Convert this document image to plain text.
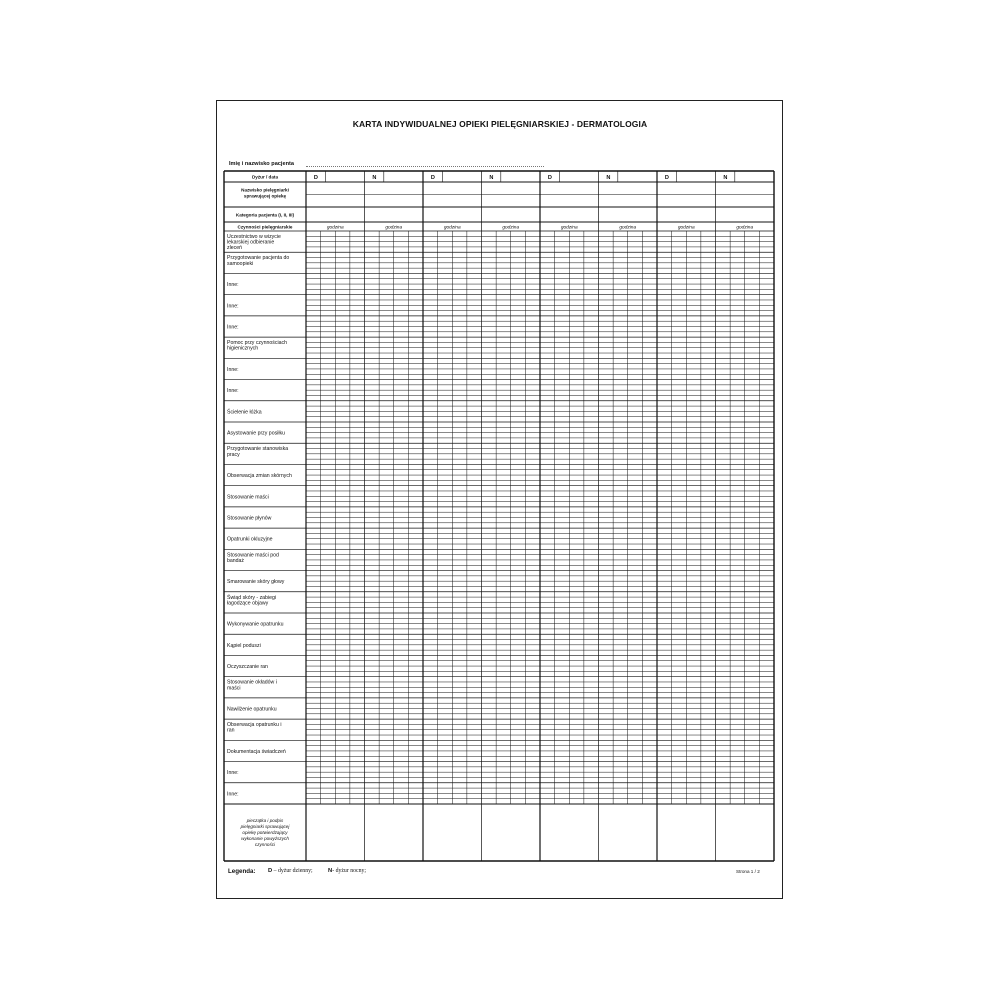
KARTA INDYWIDUALNEJ OPIEKI PIELĘGNIARSKIEJ - DERMATOLOGIA
Imię i nazwisko pacjenta
Dyżur / data
Nazwisko pielęgniarki
sprawującej opiekę
Kategoria pacjenta (I, II, III)
Czynności pielęgniarskie
D
godzina
N
godzina
D
godzina
N
godzina
D
godzina
N
godzina
D
godzina
N
godzina
Uczestnictwo w wizycie
lekarskiej odbieranie
zleceń
Przygotowanie pacjenta do
samoopieki
Inne:
Inne:
Inne:
Pomoc przy czynnościach
higienicznych
Inne:
Inne:
Ścielenie łóżka
Asystowanie przy posiłku
Przygotowanie stanowiska
pracy
Obserwacja zmian skórnych
Stosowanie maści
Stosowanie płynów
Opatrunki okluzyjne
Stosowanie maści pod
bandaż
Smarowanie skóry głowy
Świąd skóry - zabiegi
łagodzące objawy
Wykonywanie opatrunku
Kąpiel poduszi
Oczyszczanie ran
Stosowanie okładów i
maści
Nawilżenie opatrunku
Obserwacja opatrunku i
ran
Dokumentacja świadczeń
Inne:
Inne:
pieczątka i podpis
pielęgniarki sprawującej
opiekę potwierdzający
wykonanie powyższych
czynności
Legenda: D – dyżur dzienny;	N- dyżur nocny;	Strona 1 / 2
